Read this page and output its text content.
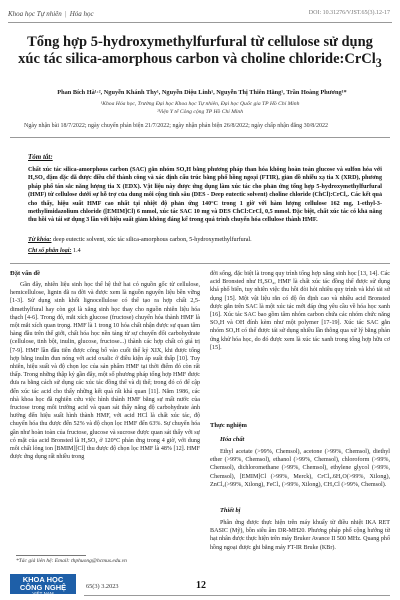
Khoa học Tự nhiên | Hóa học	DOI: 10.31276/VJST.65(3).12-17
Tổng hợp 5-hydroxymethylfurfural từ cellulose sử dụng xúc tác silica-amorphous carbon và choline chloride:CrCl$_3$
Phan Bích Hà¹·², Nguyễn Khánh Thy¹, Nguyễn Diệu Linh¹, Nguyễn Thị Thiên Hằng¹, Trần Hoàng Phương¹*
¹Khoa Hóa học, Trường Đại học Khoa học Tự nhiên, Đại học Quốc gia TP Hồ Chí Minh
²Viện Y tế Công cộng TP Hồ Chí Minh
Ngày nhận bài 18/7/2022; ngày chuyển phản biện 21/7/2022; ngày nhận phản biện 26/8/2022; ngày chấp nhận đăng 30/8/2022
Tóm tắt:
Chất xúc tác silica-amorphous carbon (SAC) gắn nhóm SO₃H bằng phương pháp than hóa không hoàn toàn glucose và sulfon hóa với H₂SO₄ đậm đặc đã được điều chế thành công và xác định cấu trúc bằng phổ hồng ngoại (FTIR), giản đồ nhiễu xạ tia X (XRD), phương pháp phổ tán sắc năng lượng tia X (EDX). Vật liệu này được ứng dụng làm xúc tác cho phản ứng tổng hợp 5-hydroxymethylfurfural (HMF) từ cellulose dưới sự hỗ trợ của dung môi cộng tinh sâu (DES - Deep eutectic solvent) choline chloride (ChCl):CrCl₃. Các kết quả cho thấy, hiệu suất HMF cao nhất tại nhiệt độ phản ứng 140°C trong 1 giờ với hàm lượng cellulose 162 mg, 1-ethyl-3-methylimidazolium chloride ([EMIM]Cl) 6 mmol, xúc tác SAC 10 mg và DES ChCl:CrCl₃ 0,5 mmol. Đặc biệt, chất xúc tác có khả năng thu hồi và tái sử dụng 3 lần với hiệu suất giảm không đáng kể trong quá trình chuyển hóa cellulose thành HMF.
Từ khóa: deep eutectic solvent, xúc tác silica-amorphous carbon, 5-hydroxymethylfurfural.
Chỉ số phân loại: 1.4
Đặt vấn đề

Gần đây, nhiên liệu sinh học thế hệ thứ hai có nguồn gốc từ cellulose, hemicellulose, lignin đã ra đời và được xem là nguồn nguyên liệu bền vững [1-3]. Sử dụng sinh khối lignocellulose có thể tạo ra hợp chất 2,5-dimethylfural hay còn gọi là xăng sinh học thay cho nguồn nhiên liệu hóa thạch [4-6]. Trong đó, mắt xích glucose (fructose) chuyển hóa thành HMF là một mắt xích quan trọng. HMF là 1 trong 10 hóa chất nhận được sự quan tâm hàng đầu trên thế giới, chất hóa học nền tảng từ sự chuyển đổi carbohydrate (cellulose, tinh bột, inulin, glucose, fructose...) thành các hợp chất có giá trị [7-9]. HMF lần đầu tiên được công bố vào cuối thế kỷ XIX, khi được tổng hợp bằng inulin đun nóng với acid oxalic ở điều kiện áp suất thấp [10]. Tuy nhiên, hiệu suất và độ chọn lọc của sản phẩm HMF tại thời điểm đó còn rất thấp. Trong những thập kỷ gần đây, một số phương pháp tổng hợp HMF được đưa ra bằng cách sử dụng các xúc tác đồng thể và dị thể; trong đó có để cập đến xúc tác acid cho thấy những kết quả rất khả quan [11]. Năm 1986, các nhà khoa học đã nghiên cứu việc hình thành HMF bằng sự mất nước của fructose trong môi trường acid và quan sát thấy năng độ carbohydrate ảnh hưởng đến hiệu suất hình thành HMF, với acid HCl là chất xúc tác, độ chuyển hóa thu được đến 52% và độ chọn lọc HMF đến 63%. Sự chuyển hóa gần như hoàn toàn của fructose, glucose và sucrose được quan sát thấy với sự có mặt của acid Bronsted là H₂SO₄ ở 120°C phản ứng trong 4 giờ, với dung môi chất lỏng ion [BMIM][Cl] thu được độ chọn lọc HMF là 48% [12]. HMF được ứng dụng rất nhiều trong

đời sống, đặc biệt là trong quy trình tổng hợp xăng sinh học [13, 14]. Các acid Bronsted như H₂SO₄, HMF là chất xúc tác đồng thể được sử dụng khá phổ biến, tuy nhiên việc thu hồi đòi hỏi nhiều quy trình và khó tái sử dụng [15]. Một vật liệu rắn có độ ổn định cao và nhiều acid Bronsted được gắn trên SAC là một xúc tác mới đáp ứng yêu cầu về hóa học xanh [16]. Xúc tác SAC bao gồm tâm nhóm carbon chứa các nhóm chức năng SO₃H và OH đính kèm như một polymer [17-19]. Xúc tác SAC gắn nhóm SO₃H có thể được tái sử dụng nhiều lần thông qua xử lý bằng phản ứng khử hóa học, do đó được xem là xúc tác xanh trong tổng hợp hữu cơ [15].

Thực nghiệm
Hóa chất

Ethyl acetate (>99%, Chemsol), acetone (>99%, Chemsol), diethyl ether (>99%, Chemsol), ethanol (>99%, Chemsol), chloroform (>99%, Chemsol), dichloromethane (>99%, Chemsol), ethylene glycol (>99%, Chemsol), [EMIM]Cl (>99%, Merck), CrCl₃.6H₂O(>99%, Xilong), ZnCl₂(>99%, Xilong), FeCl₃ (>99%, Xilong), CH₃Cl (>99%, Chemsol).

Thiết bị

Phân ứng được thực hiện trên máy khuấy từ điều nhiệt IKA RET BASIC (Mỹ), bồn siêu âm DR-MH20. Phương pháp phổ cộng hưởng từ hạt nhân được thực hiện trên máy Bruker Avance II 500 MHz. Quang phổ hồng ngoại được ghi bằng máy FT-IR Bruke (KBr).

*Tác giả liên hệ: Email: thphuong@hcmus.edu.vn
KHOA HỌC
CÔNG NGHỆ
VIỆT NAM
65(3) 3.2023	12
